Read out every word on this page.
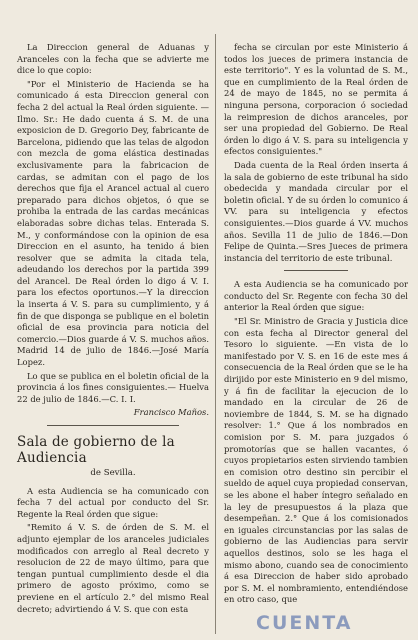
La Direccion general de Aduanas y Aranceles con la fecha que se advierte me dice lo que copio:

"Por el Ministerio de Hacienda se ha comunicado á esta Direccion general con fecha 2 del actual la Real órden siguiente. —Ilmo. Sr.: He dado cuenta á S. M. de una exposicion de D. Gregorio Dey, fabricante de Barcelona, pidiendo que las telas de algodon con mezcla de goma elástica destinadas exclusivamente para la fabricacion de cardas, se admitan con el pago de los derechos que fija el Arancel actual al cuero preparado para dichos objetos, ó que se prohiba la entrada de las cardas mecánicas elaboradas sobre dichas telas. Enterada S. M., y conformándose con la opinion de esa Direccion en el asunto, ha tenido á bien resolver que se admita la citada tela, adeudando los derechos por la partida 399 del Arancel. De Real órden lo digo á V. I. para los efectos oportunos.—Y la direccion la inserta á V. S. para su cumplimiento, y á fin de que disponga se publique en el boletin oficial de esa provincia para noticia del comercio.—Dios guarde á V. S. muchos años. Madrid 14 de julio de 1846.—José María Lopez.

Lo que se publica en el boletin oficial de la provincia á los fines consiguientes.— Huelva 22 de julio de 1846.—C. I. I.

Francisco Maños.

Sala de gobierno de la Audiencia

de Sevilla.

A esta Audiencia se ha comunicado con fecha 7 del actual por conducto del Sr. Regente la Real órden que sigue:

"Remito á V. S. de órden de S. M. el adjunto ejemplar de los aranceles judiciales modificados con arreglo al Real decreto y resolucion de 22 de mayo último, para que tengan puntual cumplimiento desde el dia primero de agosto próximo, como se previene en el artículo 2.° del mismo Real decreto; advirtiendo á V. S. que con esta

fecha se circulan por este Ministerio á todos los jueces de primera instancia de este territorio". Y es la voluntad de S. M., que en cumplimiento de la Real órden de 24 de mayo de 1845, no se permita á ninguna persona, corporacion ó sociedad la reimpresion de dichos aranceles, por ser una propiedad del Gobierno. De Real órden lo digo á V. S. para su inteligencia y efectos consiguientes."

Dada cuenta de la Real órden inserta á la sala de gobierno de este tribunal ha sido obedecida y mandada circular por el boletin oficial. Y de su órden lo comunico á VV. para su inteligencia y efectos consiguientes.—Dios guarde á VV. muchos años. Sevilla 11 de julio de 1846.—Don Felipe de Quinta.—Sres Jueces de primera instancia del territorio de este tribunal.

A esta Audiencia se ha comunicado por conducto del Sr. Regente con fecha 30 del anterior la Real órden que sigue:

"El Sr. Ministro de Gracia y Justicia dice con esta fecha al Director general del Tesoro lo siguiente. —En vista de lo manifestado por V. S. en 16 de este mes á consecuencia de la Real órden que se le ha dirijido por este Ministerio en 9 del mismo, y á fin de facilitar la ejecucion de lo mandado en la circular de 26 de noviembre de 1844, S. M. se ha dignado resolver: 1.° Que á los nombrados en comision por S. M. para juzgados ó promotorías que se hallen vacantes, ó cuyos propietarios esten sirviendo tambien en comision otro destino sin percibir el sueldo de aquel cuya propiedad conservan, se les abone el haber íntegro señalado en la ley de presupuestos á la plaza que desempeñan. 2.° Que á los comisionados en iguales circunstancias por las salas de gobierno de las Audiencias para servir aquellos destinos, solo se les haga el mismo abono, cuando sea de conocimiento á esa Direccion de haber sido aprobado por S. M. el nombramiento, entendiéndose en otro caso, que

CUENTA
